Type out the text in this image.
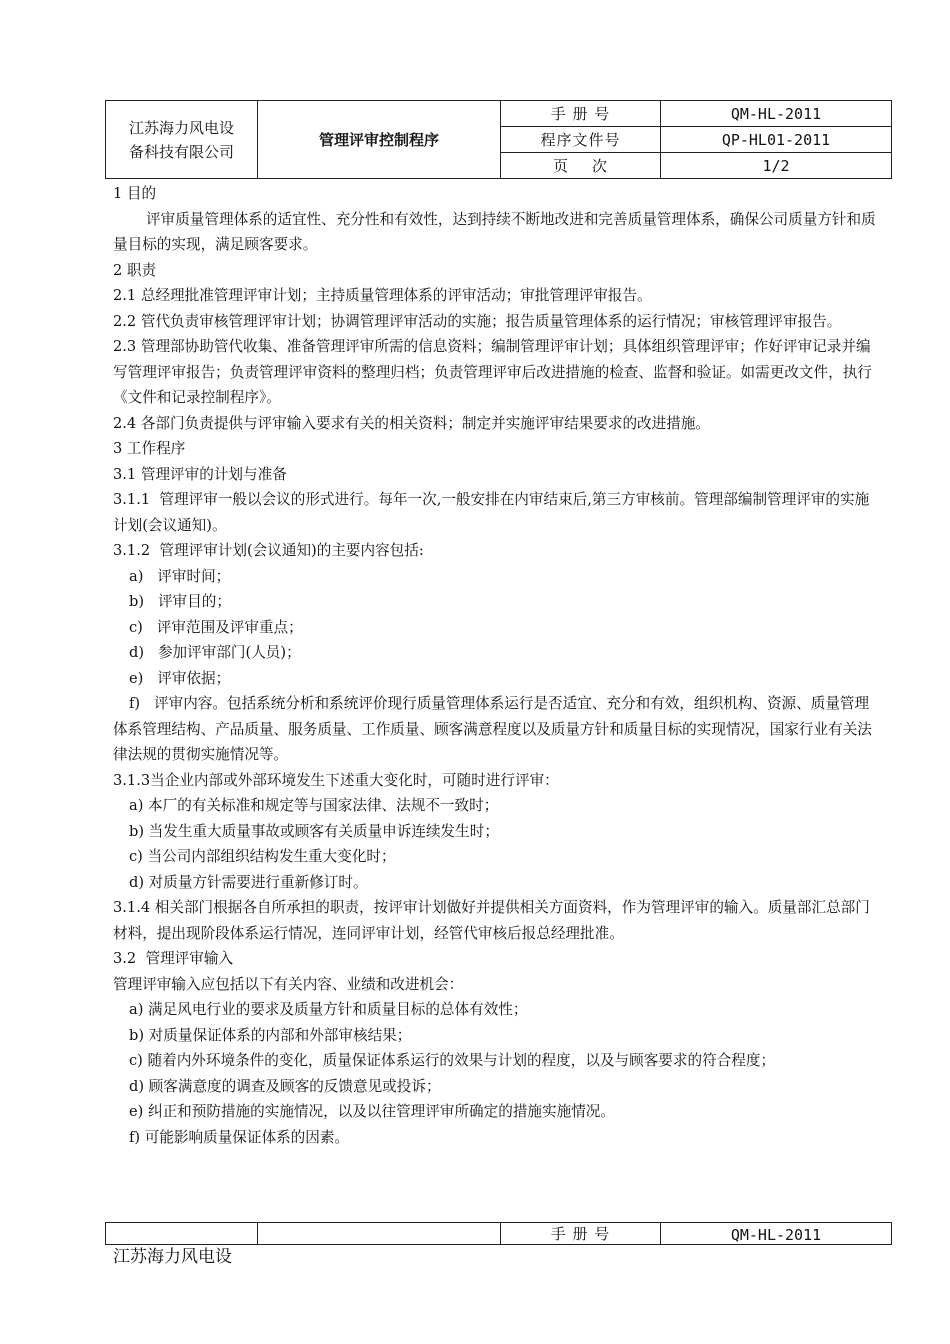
江苏海力风电设
备科技有限公司	管理评审控制程序	手 册 号	QM-HL-2011
		程序文件号	QP-HL01-2011
		页    次	1/2

1 目的

评审质量管理体系的适宜性、充分性和有效性，达到持续不断地改进和完善质量管理体系，确保公司质量方针和质量目标的实现，满足顾客要求。

2 职责

2.1 总经理批准管理评审计划；主持质量管理体系的评审活动；审批管理评审报告。

2.2 管代负责审核管理评审计划；协调管理评审活动的实施；报告质量管理体系的运行情况；审核管理评审报告。

2.3 管理部协助管代收集、准备管理评审所需的信息资料；编制管理评审计划；具体组织管理评审；作好评审记录并编写管理评审报告；负责管理评审资料的整理归档；负责管理评审后改进措施的检查、监督和验证。如需更改文件，执行《文件和记录控制程序》。

2.4 各部门负责提供与评审输入要求有关的相关资料；制定并实施评审结果要求的改进措施。

3 工作程序

3.1 管理评审的计划与准备

3.1.1  管理评审一般以会议的形式进行。每年一次,一般安排在内审结束后,第三方审核前。管理部编制管理评审的实施计划(会议通知)。

3.1.2  管理评审计划(会议通知)的主要内容包括:

a)   评审时间；

b)   评审目的；

c)   评审范围及评审重点；

d)   参加评审部门(人员)；

e)   评审依据；

f)   评审内容。包括系统分析和系统评价现行质量管理体系运行是否适宜、充分和有效，组织机构、资源、质量管理体系管理结构、产品质量、服务质量、工作质量、顾客满意程度以及质量方针和质量目标的实现情况，国家行业有关法律法规的贯彻实施情况等。

3.1.3当企业内部或外部环境发生下述重大变化时，可随时进行评审：

a) 本厂的有关标准和规定等与国家法律、法规不一致时；

b) 当发生重大质量事故或顾客有关质量申诉连续发生时；

c) 当公司内部组织结构发生重大变化时；

d) 对质量方针需要进行重新修订时。

3.1.4 相关部门根据各自所承担的职责，按评审计划做好并提供相关方面资料，作为管理评审的输入。质量部汇总部门材料，提出现阶段体系运行情况，连同评审计划，经管代审核后报总经理批准。

3.2  管理评审输入

管理评审输入应包括以下有关内容、业绩和改进机会：

a) 满足风电行业的要求及质量方针和质量目标的总体有效性；

b) 对质量保证体系的内部和外部审核结果；

c) 随着内外环境条件的变化，质量保证体系运行的效果与计划的程度，以及与顾客要求的符合程度；

d) 顾客满意度的调查及顾客的反馈意见或投诉；

e) 纠正和预防措施的实施情况，以及以往管理评审所确定的措施实施情况。

f) 可能影响质量保证体系的因素。

		手 册 号	QM-HL-2011
江苏海力风电设
